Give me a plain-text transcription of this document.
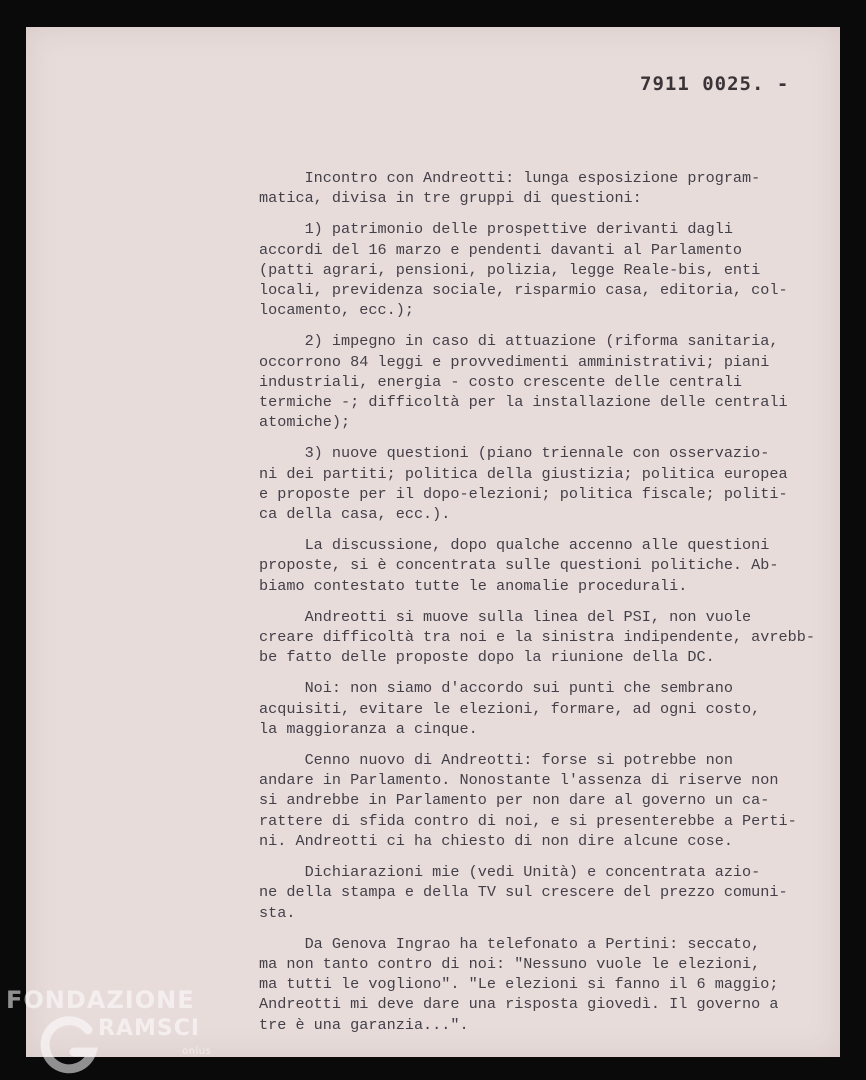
7911 0025. -
Incontro con Andreotti: lunga esposizione program-
matica, divisa in tre gruppi di questioni:
1) patrimonio delle prospettive derivanti dagli
accordi del 16 marzo e pendenti davanti al Parlamento
(patti agrari, pensioni, polizia, legge Reale-bis, enti
locali, previdenza sociale, risparmio casa, editoria, col-
locamento, ecc.);
2) impegno in caso di attuazione (riforma sanitaria,
occorrono 84 leggi e provvedimenti amministrativi; piani
industriali, energia - costo crescente delle centrali
termiche -; difficoltà per la installazione delle centrali
atomiche);
3) nuove questioni (piano triennale con osservazio-
ni dei partiti; politica della giustizia; politica europea
e proposte per il dopo-elezioni; politica fiscale; politi-
ca della casa, ecc.).
La discussione, dopo qualche accenno alle questioni
proposte, si è concentrata sulle questioni politiche. Ab-
biamo contestato tutte le anomalie procedurali.
Andreotti si muove sulla linea del PSI, non vuole
creare difficoltà tra noi e la sinistra indipendente, avrebb-
be fatto delle proposte dopo la riunione della DC.
Noi: non siamo d'accordo sui punti che sembrano
acquisiti, evitare le elezioni, formare, ad ogni costo,
la maggioranza a cinque.
Cenno nuovo di Andreotti: forse si potrebbe non
andare in Parlamento. Nonostante l'assenza di riserve non
si andrebbe in Parlamento per non dare al governo un ca-
rattere di sfida contro di noi, e si presenterebbe a Perti-
ni. Andreotti ci ha chiesto di non dire alcune cose.
Dichiarazioni mie (vedi Unità) e concentrata azio-
ne della stampa e della TV sul crescere del prezzo comuni-
sta.
Da Genova Ingrao ha telefonato a Pertini: seccato,
ma non tanto contro di noi: "Nessuno vuole le elezioni,
ma tutti le vogliono". "Le elezioni si fanno il 6 maggio;
Andreotti mi deve dare una risposta giovedì. Il governo a
tre è una garanzia...".
FONDAZIONE
RAMSCI
onlus
